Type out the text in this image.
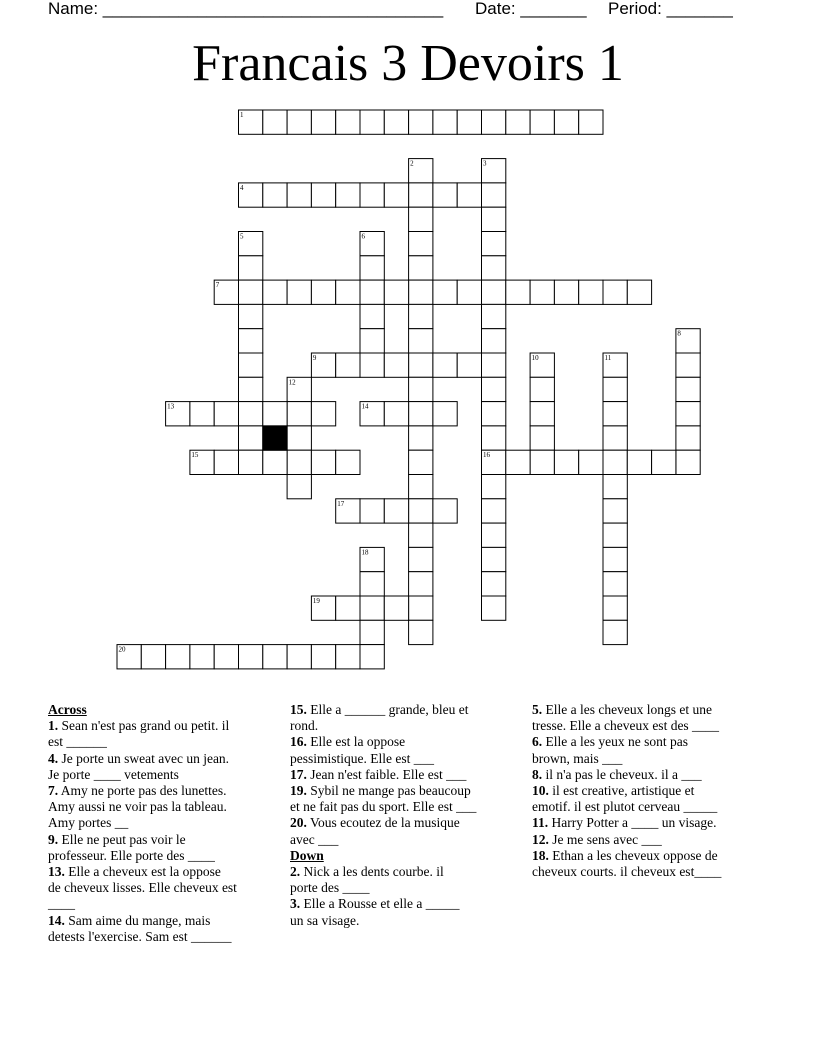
Name: ____________________________________ Date: _______ Period: _______
Francais 3 Devoirs 1
1
2	3
4
5	6
7
8
9	10	11
12
13	14
15	16
17
18
19
20
Across
1. Sean n'est pas grand ou petit. il
est ______
4. Je porte un sweat avec un jean.
Je porte ____ vetements
7. Amy ne porte pas des lunettes.
Amy aussi ne voir pas la tableau.
Amy portes __
9. Elle ne peut pas voir le
professeur. Elle porte des ____
13. Elle a cheveux est la oppose
de cheveux lisses. Elle cheveux est
____
14. Sam aime du mange, mais
detests l'exercise. Sam est ______
15. Elle a ______ grande, bleu et
rond.
16. Elle est la oppose
pessimistique. Elle est ___
17. Jean n'est faible. Elle est ___
19. Sybil ne mange pas beaucoup
et ne fait pas du sport. Elle est ___
20. Vous ecoutez de la musique
avec ___
Down
2. Nick a les dents courbe. il
porte des ____
3. Elle a Rousse et elle a _____
un sa visage.
5. Elle a les cheveux longs et une
tresse. Elle a cheveux est des ____
6. Elle a les yeux ne sont pas
brown, mais ___
8. il n'a pas le cheveux. il a ___
10. il est creative, artistique et
emotif. il est plutot cerveau _____
11. Harry Potter a ____ un visage.
12. Je me sens avec ___
18. Ethan a les cheveux oppose de
cheveux courts. il cheveux est____
